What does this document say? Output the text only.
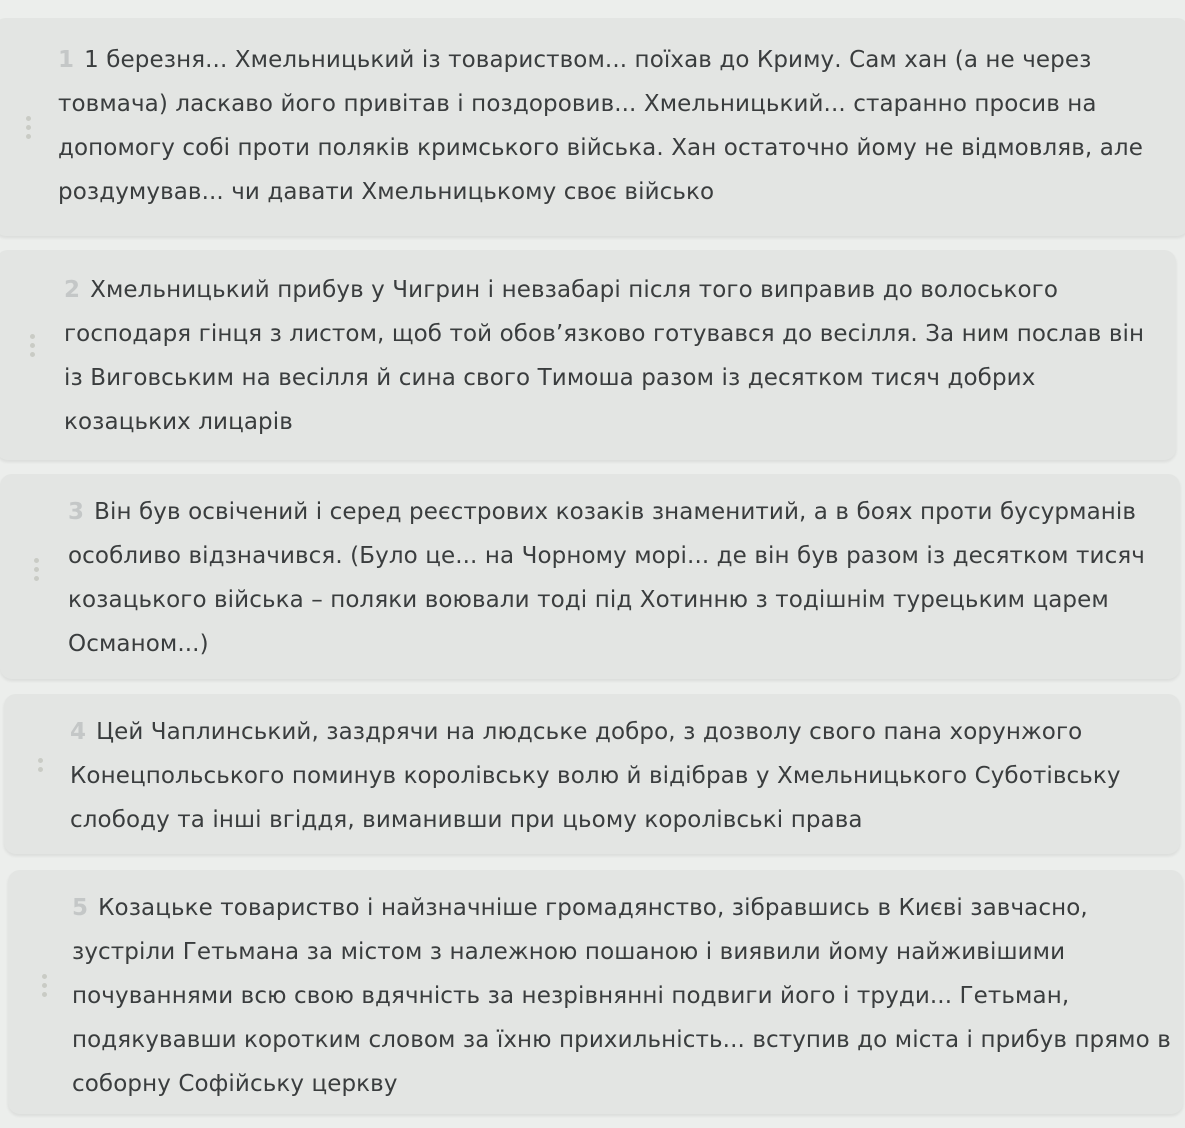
1 1 березня... Хмельницький із товариством... поїхав до Криму. Сам хан (а не через товмача) ласкаво його привітав і поздоровив... Хмельницький... старанно просив на допомогу собі проти поляків кримського війська. Хан остаточно йому не відмовляв, але роздумував... чи давати Хмельницькому своє військо
2 Хмельницький прибув у Чигрин і невзабарі після того виправив до волоського господаря гінця з листом, щоб той обов’язково готувався до весілля. За ним послав він із Виговським на весілля й сина свого Тимоша разом із десятком тисяч добрих козацьких лицарів
3 Він був освічений і серед реєстрових козаків знаменитий, а в боях проти бусурманів особливо відзначився. (Було це... на Чорному морі... де він був разом із десятком тисяч козацького війська – поляки воювали тоді під Хотинню з тодішнім турецьким царем Османом...)
4 Цей Чаплинський, заздрячи на людське добро, з дозволу свого пана хорунжого Конецпольського поминув королівську волю й відібрав у Хмельницького Суботівську слободу та інші вгіддя, виманивши при цьому королівські права
5 Козацьке товариство і найзначніше громадянство, зібравшись в Києві завчасно, зустріли Гетьмана за містом з належною пошаною і виявили йому найживішими почуваннями всю свою вдячність за незрівнянні подвиги його і труди... Гетьман, подякувавши коротким словом за їхню прихильність... вступив до міста і прибув прямо в соборну Софійську церкву
